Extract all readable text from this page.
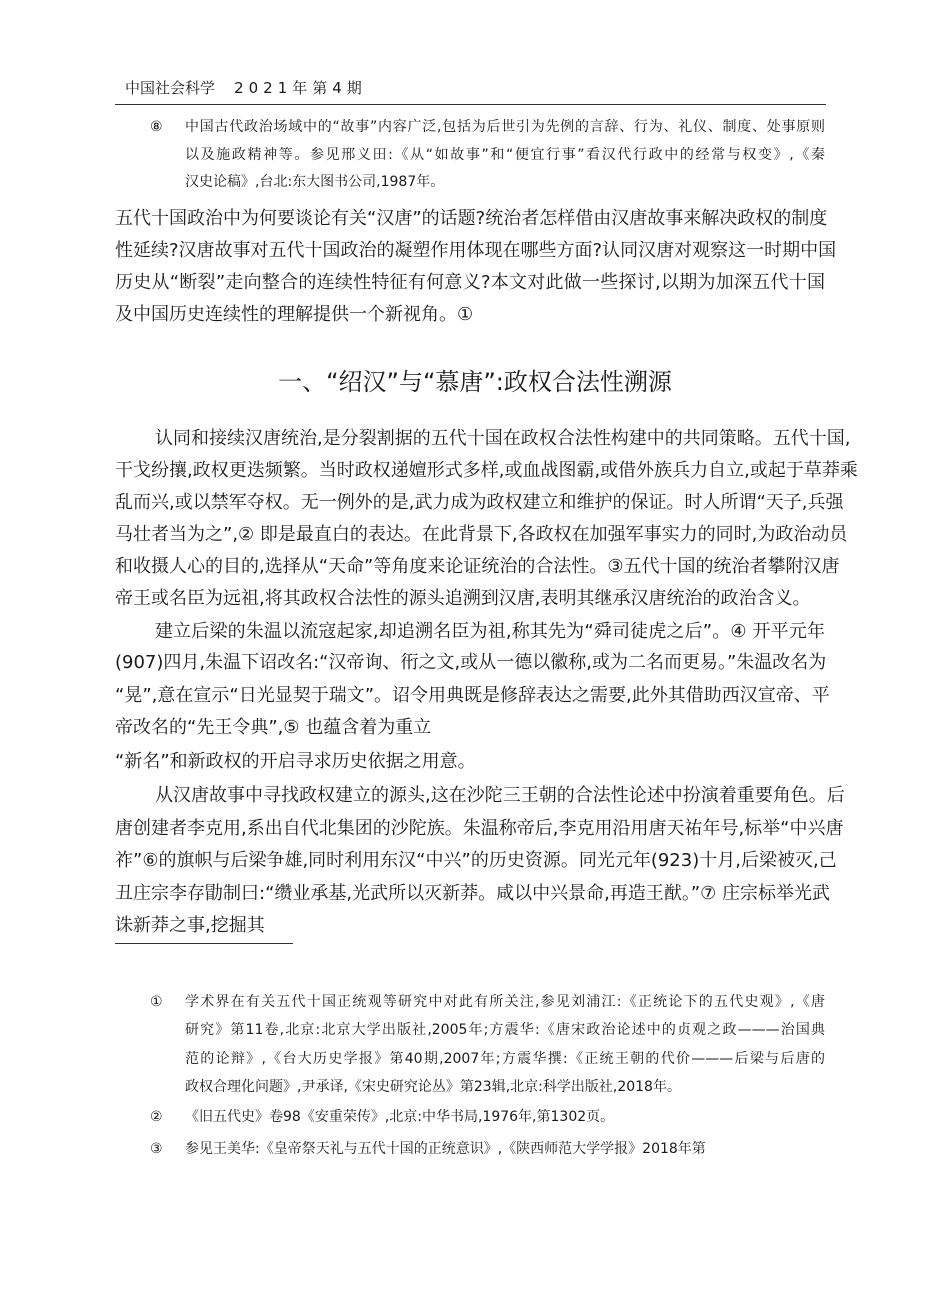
中国社会科学 2021年第4期
⑧ 中国古代政治场域中的“故事”内容广泛,包括为后世引为先例的言辞、行为、礼仪、制度、处事原则
以及施政精神等。参见邢义田:《从“如故事”和“便宜行事”看汉代行政中的经常与权变》,《秦
汉史论稿》,台北:东大图书公司,1987年。
五代十国政治中为何要谈论有关“汉唐”的话题?统治者怎样借由汉唐故事来解决政权的制度
性延续?汉唐故事对五代十国政治的凝塑作用体现在哪些方面?认同汉唐对观察这一时期中国
历史从“断裂”走向整合的连续性特征有何意义?本文对此做一些探讨,以期为加深五代十国
及中国历史连续性的理解提供一个新视角。①
一、“绍汉”与“慕唐”:政权合法性溯源
认同和接续汉唐统治,是分裂割据的五代十国在政权合法性构建中的共同策略。五代十国,
干戈纷攘,政权更迭频繁。当时政权递嬗形式多样,或血战图霸,或借外族兵力自立,或起于草莽乘
乱而兴,或以禁军夺权。无一例外的是,武力成为政权建立和维护的保证。时人所谓“天子,兵强
马壮者当为之”,② 即是最直白的表达。在此背景下,各政权在加强军事实力的同时,为政治动员
和收摄人心的目的,选择从“天命”等角度来论证统治的合法性。③五代十国的统治者攀附汉唐
帝王或名臣为远祖,将其政权合法性的源头追溯到汉唐,表明其继承汉唐统治的政治含义。
建立后梁的朱温以流寇起家,却追溯名臣为祖,称其先为“舜司徒虎之后”。④ 开平元年
(907)四月,朱温下诏改名:“汉帝询、衎之文,或从一德以徽称,或为二名而更易。”朱温改名为
“晃”,意在宣示“日光显契于瑞文”。诏令用典既是修辞表达之需要,此外其借助西汉宣帝、平
帝改名的“先王令典”,⑤ 也蕴含着为重立
“新名”和新政权的开启寻求历史依据之用意。
从汉唐故事中寻找政权建立的源头,这在沙陀三王朝的合法性论述中扮演着重要角色。后
唐创建者李克用,系出自代北集团的沙陀族。朱温称帝后,李克用沿用唐天祐年号,标举“中兴唐
祚”⑥的旗帜与后梁争雄,同时利用东汉“中兴”的历史资源。同光元年(923)十月,后梁被灭,己
丑庄宗李存勖制曰:“缵业承基,光武所以灭新莽。咸以中兴景命,再造王猷。”⑦ 庄宗标举光武
诛新莽之事,挖掘其
① 学术界在有关五代十国正统观等研究中对此有所关注,参见刘浦江:《正统论下的五代史观》,《唐
研究》第11卷,北京:北京大学出版社,2005年;方震华:《唐宋政治论述中的贞观之政———治国典
范的论辩》,《台大历史学报》第40期,2007年;方震华撰:《正统王朝的代价———后梁与后唐的
政权合理化问题》,尹承译,《宋史研究论丛》第23辑,北京:科学出版社,2018年。
② 《旧五代史》卷98《安重荣传》,北京:中华书局,1976年,第1302页。
③ 参见王美华:《皇帝祭天礼与五代十国的正统意识》,《陕西师范大学学报》2018年第
